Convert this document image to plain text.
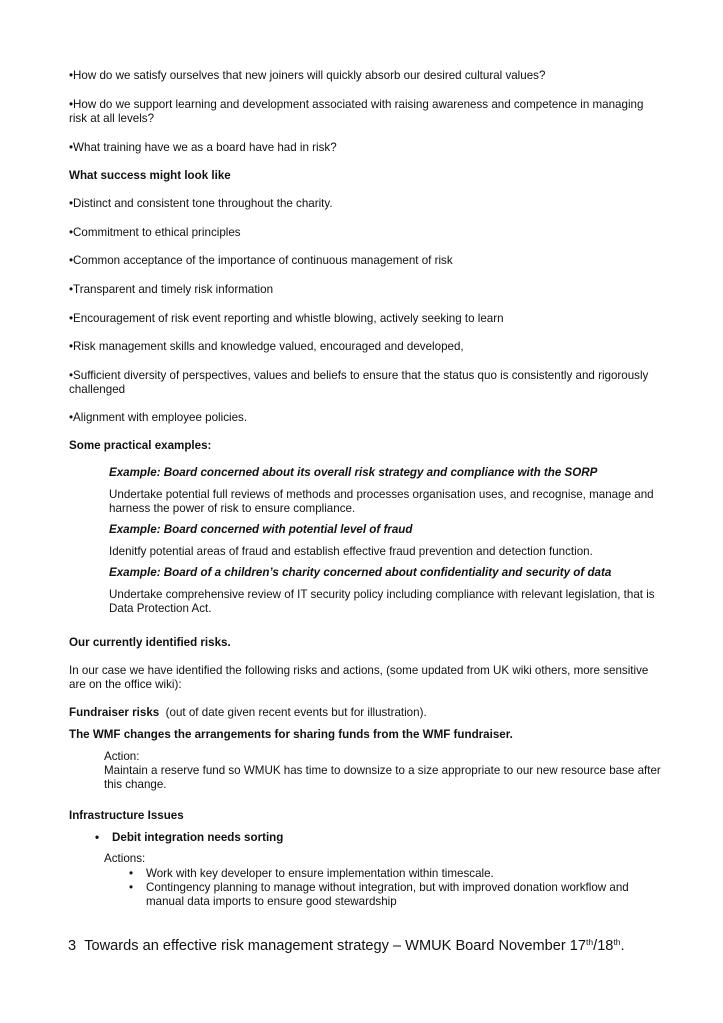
•How do we satisfy ourselves that new joiners will quickly absorb our desired cultural values?

•How do we support learning and development associated with raising awareness and competence in managing risk at all levels?

•What training have we as a board have had in risk?

What success might look like

•Distinct and consistent tone throughout the charity.

•Commitment to ethical principles

•Common acceptance of the importance of continuous management of risk

•Transparent and timely risk information

•Encouragement of risk event reporting and whistle blowing, actively seeking to learn

•Risk management skills and knowledge valued, encouraged and developed,

•Sufficient diversity of perspectives, values and beliefs to ensure that the status quo is consistently and rigorously challenged

•Alignment with employee policies.

Some practical examples:

Example: Board concerned about its overall risk strategy and compliance with the SORP

Undertake potential full reviews of methods and processes organisation uses, and recognise, manage and harness the power of risk to ensure compliance.

Example: Board concerned with potential level of fraud

Idenitfy potential areas of fraud and establish effective fraud prevention and detection function.

Example: Board of a children’s charity concerned about confidentiality and security of data

Undertake comprehensive review of IT security policy including compliance with relevant legislation, that is Data Protection Act.

Our currently identified risks.

In our case we have identified the following risks and actions, (some updated from UK wiki others, more sensitive are on the office wiki):

Fundraiser risks  (out of date given recent events but for illustration).

The WMF changes the arrangements for sharing funds from the WMF fundraiser.

Action:

Maintain a reserve fund so WMUK has time to downsize to a size appropriate to our new resource base after this change.

Infrastructure Issues

• Debit integration needs sorting

Actions:

• Work with key developer to ensure implementation within timescale.

• Contingency planning to manage without integration, but with improved donation workflow and manual data imports to ensure good stewardship

3 Towards an effective risk management strategy – WMUK Board November 17th/18th.
